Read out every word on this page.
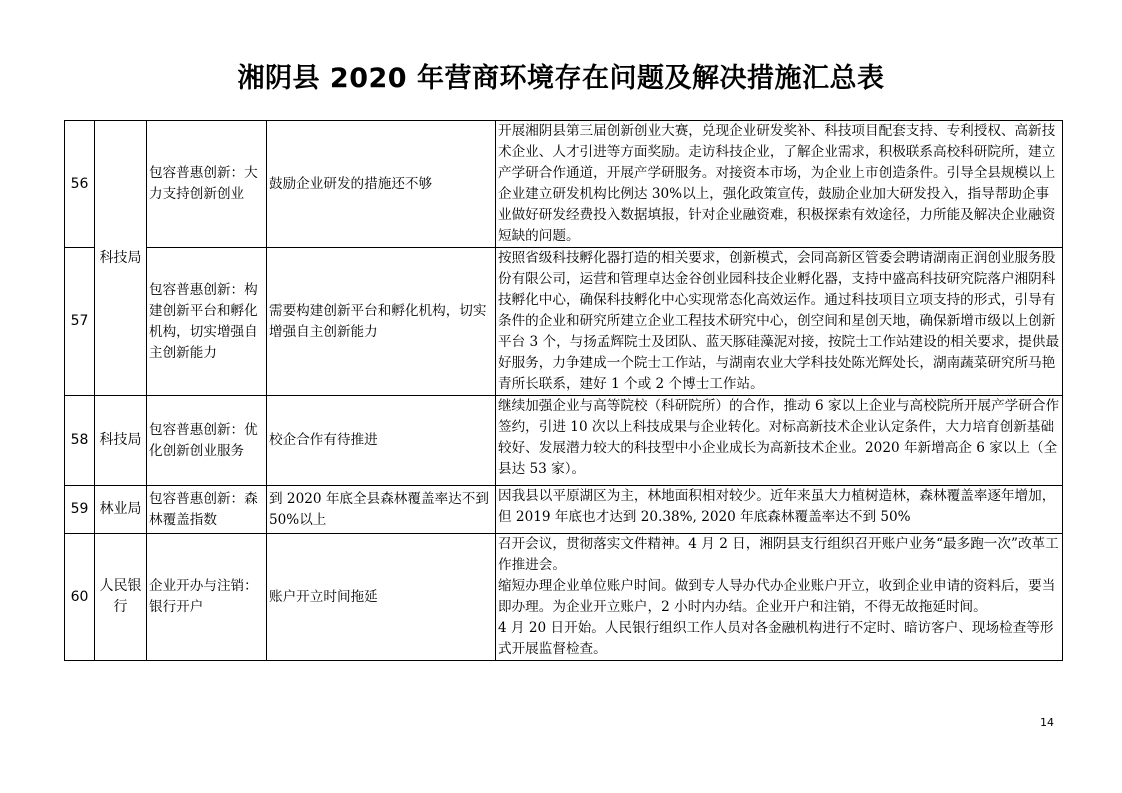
湘阴县 2020 年营商环境存在问题及解决措施汇总表
56	科技局	包容普惠创新：大力支持创新创业	鼓励企业研发的措施还不够	开展湘阴县第三届创新创业大赛，兑现企业研发奖补、科技项目配套支持、专利授权、高新技术企业、人才引进等方面奖励。走访科技企业，了解企业需求，积极联系高校科研院所，建立产学研合作通道，开展产学研服务。对接资本市场，为企业上市创造条件。引导全县规模以上企业建立研发机构比例达 30%以上，强化政策宣传，鼓励企业加大研发投入，指导帮助企事业做好研发经费投入数据填报，针对企业融资难，积极探索有效途径，力所能及解决企业融资短缺的问题。

57		包容普惠创新：构建创新平台和孵化机构，切实增强自主创新能力	需要构建创新平台和孵化机构，切实增强自主创新能力	按照省级科技孵化器打造的相关要求，创新模式，会同高新区管委会聘请湖南正润创业服务股份有限公司，运营和管理卓达金谷创业园科技企业孵化器，支持中盛高科技研究院落户湘阴科技孵化中心，确保科技孵化中心实现常态化高效运作。通过科技项目立项支持的形式，引导有条件的企业和研究所建立企业工程技术研究中心，创空间和星创天地，确保新增市级以上创新平台 3 个，与扬孟辉院士及团队、蓝天豚硅藻泥对接，按院士工作站建设的相关要求，提供最好服务，力争建成一个院士工作站，与湖南农业大学科技处陈光辉处长，湖南蔬菜研究所马艳青所长联系，建好 1 个或 2 个博士工作站。

58	科技局	包容普惠创新：优化创新创业服务	校企合作有待推进	继续加强企业与高等院校（科研院所）的合作，推动 6 家以上企业与高校院所开展产学研合作签约，引进 10 次以上科技成果与企业转化。对标高新技术企业认定条件，大力培育创新基础较好、发展潜力较大的科技型中小企业成长为高新技术企业。2020 年新增高企 6 家以上（全县达 53 家）。

59	林业局	包容普惠创新：森林覆盖指数	到 2020 年底全县森林覆盖率达不到 50%以上	因我县以平原湖区为主，林地面积相对较少。近年来虽大力植树造林，森林覆盖率逐年增加，但 2019 年底也才达到 20.38%, 2020 年底森林覆盖率达不到 50%

60	人民银行	企业开办与注销：银行开户	账户开立时间拖延	召开会议，贯彻落实文件精神。4 月 2 日，湘阴县支行组织召开账户业务“最多跑一次”改革工作推进会。
缩短办理企业单位账户时间。做到专人导办代办企业账户开立，收到企业申请的资料后，要当即办理。为企业开立账户，2 小时内办结。企业开户和注销，不得无故拖延时间。
4 月 20 日开始。人民银行组织工作人员对各金融机构进行不定时、暗访客户、现场检查等形式开展监督检查。
14
